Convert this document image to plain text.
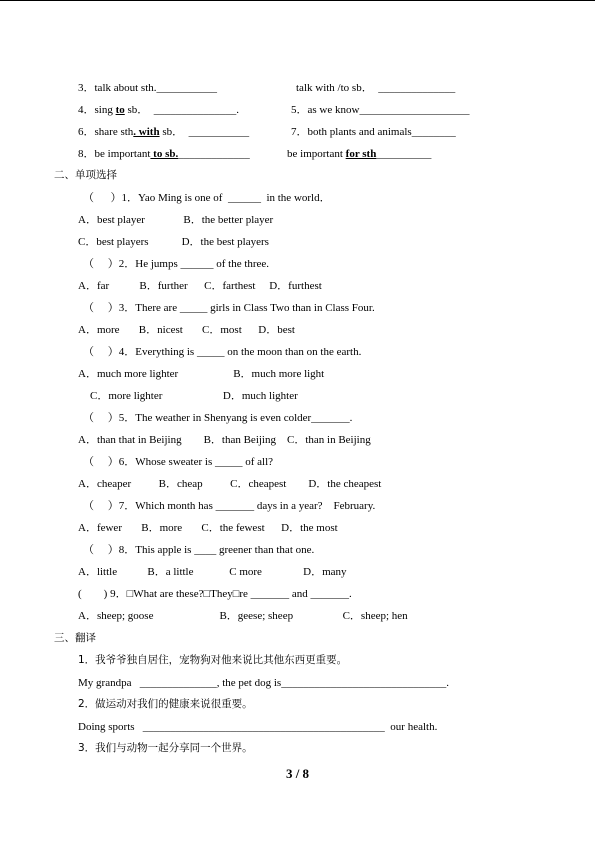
3．talk about sth.___________	talk with /to sb． ______________
4．sing to sb． _______________.	5．as we know____________________
6．share sth. with sb． ___________	7．both plants and animals________
8．be important to sb._____________	be important for sth__________
二、单项选择
（      ）1．Yao Ming is one of  ______  in the world．
A．best player              B．the better player
C．best players            D．the best players
（     ）2．He jumps ______ of the three.
A．far           B．further      C．farthest     D．furthest
（     ）3．There are _____ girls in Class Two than in Class Four.
A．more       B．nicest       C．most      D．best
（     ）4．Everything is _____ on the moon than on the earth.
A．much more lighter                    B．much more light
C．more lighter                      D．much lighter
（     ）5．The weather in Shenyang is even colder_______.
A．than that in Beijing        B．than Beijing    C．than in Beijing
（     ）6．Whose sweater is _____ of all?
A．cheaper          B．cheap          C．cheapest        D．the cheapest
（     ）7．Which month has _______ days in a year?    February.
A．fewer       B．more       C．the fewest      D．the most
（     ）8．This apple is ____ greener than that one.
A．little           B．a little             C more               D．many
(        ) 9．□What are these?□They□re _______ and _______.
A．sheep; goose                        B．geese; sheep                  C．sheep; hen
三、翻译
1．我爷爷独自居住，宠物狗对他来说比其他东西更重要。
My grandpa   ______________, the pet dog is______________________________.
2．做运动对我们的健康来说很重要。
Doing sports   ____________________________________________  our health.
3．我们与动物一起分享同一个世界。
3 / 8
